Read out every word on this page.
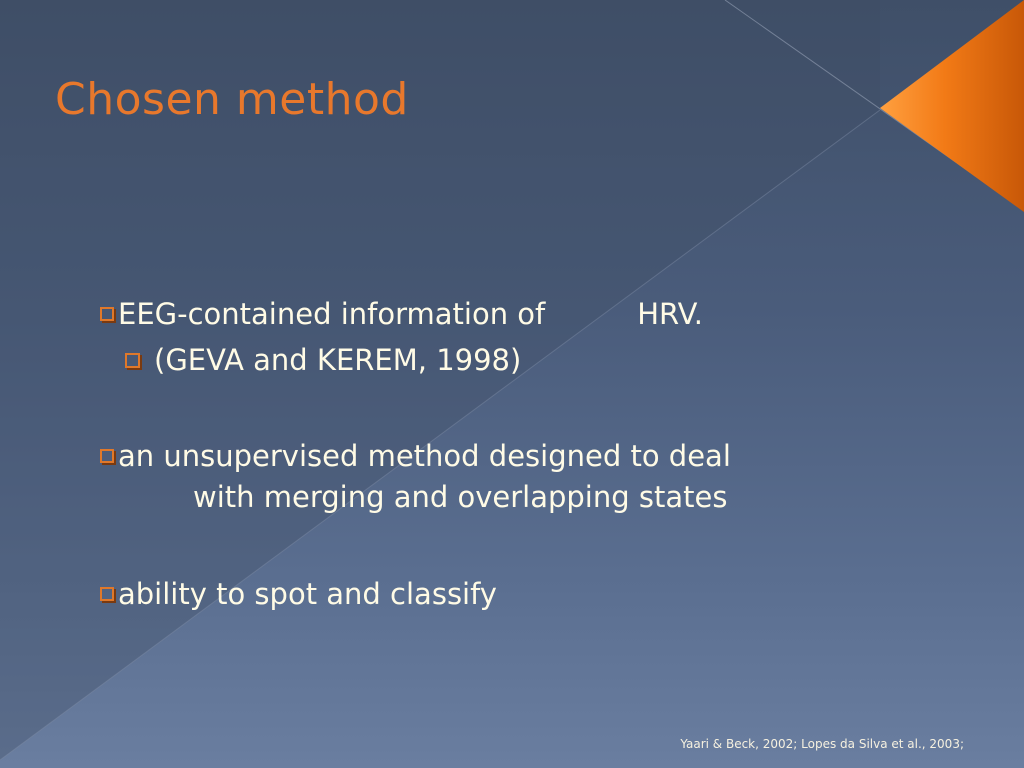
Chosen method
EEG-contained information of	HRV.
(GEVA and KEREM, 1998)
an unsupervised method designed to deal
with merging and overlapping states
ability to spot and classify
Yaari & Beck, 2002; Lopes da Silva et al., 2003;
